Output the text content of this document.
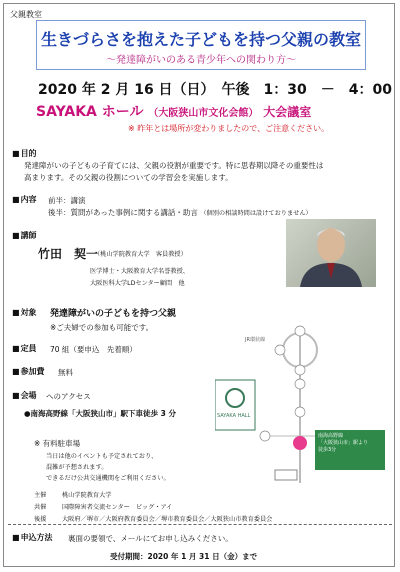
父親教室
生きづらさを抱えた子どもを持つ父親の教室
〜発達障がいのある青少年への関わり方〜
2020 年 2 月 16 日（日）　午後　1：30　－　4：00
SAYAKA ホール （大阪狭山市文化会館） 大会議室
※ 昨年とは場所が変わりましたので、ご注意ください。
■ 目的
発達障がいの子どもの子育てには、父親の役割が重要です。特に思春期以降その重要性は
高まります。その父親の役割についての学習会を実施します。
■ 内容 前半：講演
後半：質問があった事例に関する講話・助言 （個別の相談時間は設けておりません）
■ 講師
竹田　契一
（桃山学院教育大学　客員教授）
医学博士・大阪教育大学名誉教授、
大阪医科大学LDセンター顧問　他
■ 対象 発達障がいの子どもを持つ父親
※ご夫婦での参加も可能です。
■ 定員 70 組（要申込　先着順）
■ 参加費 無料
■ 会場 へのアクセス
●南海高野線「大阪狭山市」駅下車徒歩 3 分
※ 有料駐車場
当日は他のイベントも予定されており、
混雑が予想されます。
できるだけ公共交通機関をご利用ください。
JR環状線
SAYAKA HALL
南海高野線
「大阪狭山市」駅より
徒歩3分
主催	桃山学院教育大学
共催	国際障害者交流センター　ビッグ・アイ
後援	大阪府／堺市／大阪府教育委員会／堺市教育委員会／大阪狭山市教育委員会
■ 申込方法 裏面の要領で、メールにてお申し込みください。
受付期間：2020 年 1 月 31 日（金）まで
